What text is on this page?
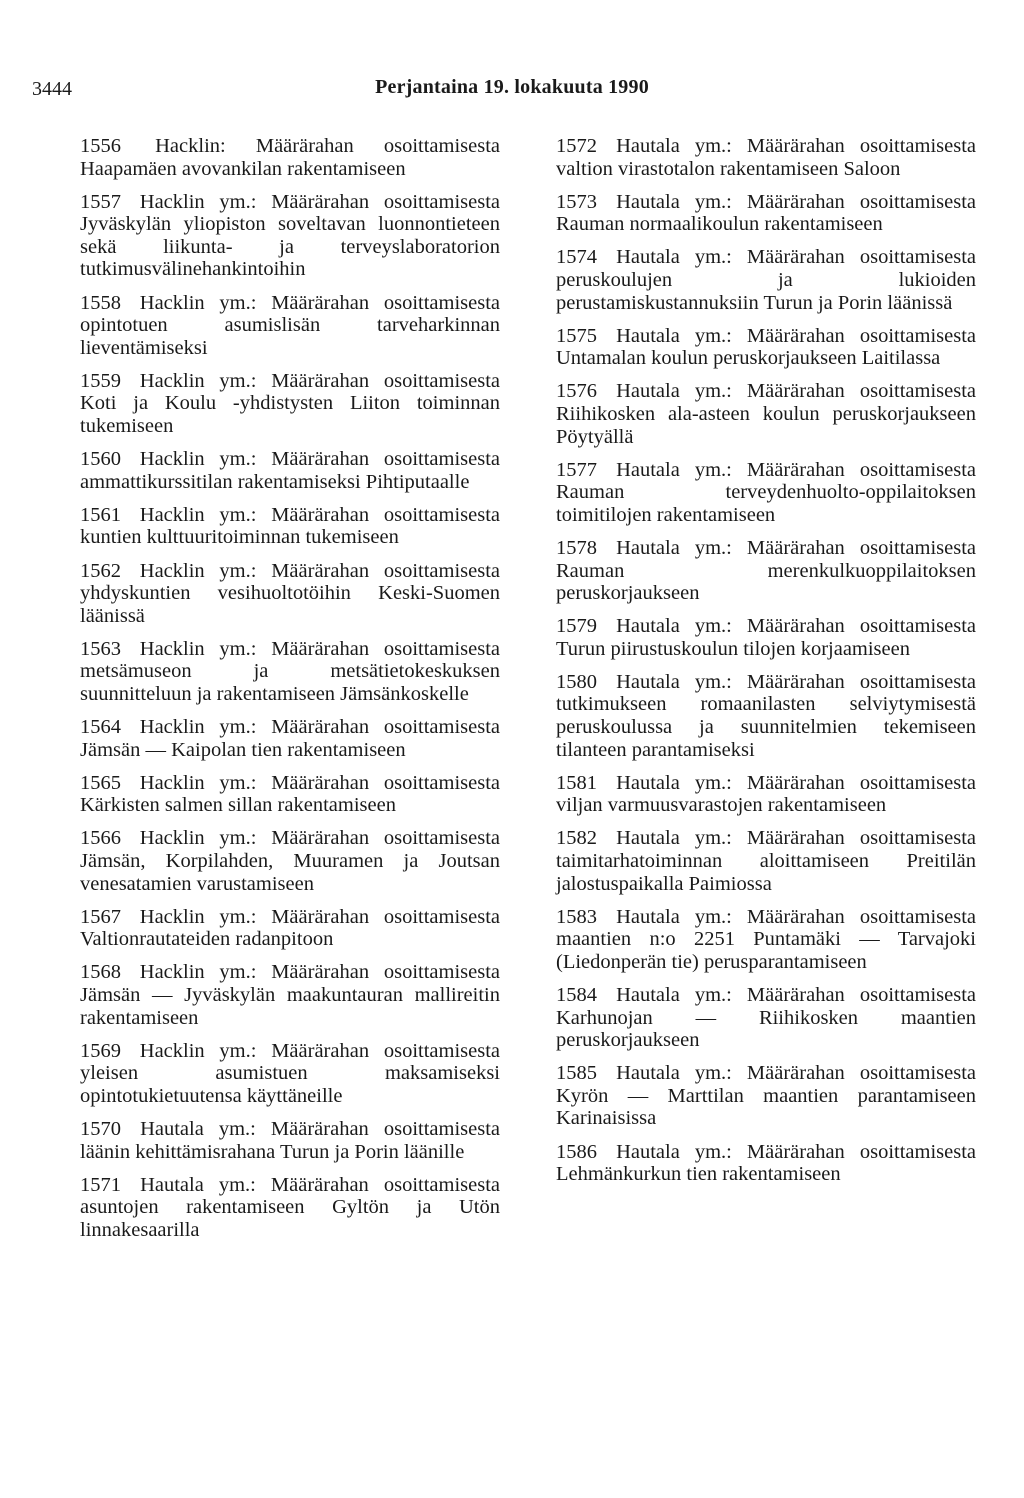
3444	Perjantaina 19. lokakuuta 1990

1556 Hacklin: Määrärahan osoittamisesta Haapamäen avovankilan rakentamiseen

1557 Hacklin ym.: Määrärahan osoittamisesta Jyväskylän yliopiston soveltavan luonnontieteen sekä liikunta- ja terveyslaboratorion tutkimusvälinehankintoihin

1558 Hacklin ym.: Määrärahan osoittamisesta opintotuen asumislisän tarveharkinnan lieventämiseksi

1559 Hacklin ym.: Määrärahan osoittamisesta Koti ja Koulu -yhdistysten Liiton toiminnan tukemiseen

1560 Hacklin ym.: Määrärahan osoittamisesta ammattikurssitilan rakentamiseksi Pihtiputaalle

1561 Hacklin ym.: Määrärahan osoittamisesta kuntien kulttuuritoiminnan tukemiseen

1562 Hacklin ym.: Määrärahan osoittamisesta yhdyskuntien vesihuoltotöihin Keski-Suomen läänissä

1563 Hacklin ym.: Määrärahan osoittamisesta metsämuseon ja metsätietokeskuksen suunnitteluun ja rakentamiseen Jämsänkoskelle

1564 Hacklin ym.: Määrärahan osoittamisesta Jämsän — Kaipolan tien rakentamiseen

1565 Hacklin ym.: Määrärahan osoittamisesta Kärkisten salmen sillan rakentamiseen

1566 Hacklin ym.: Määrärahan osoittamisesta Jämsän, Korpilahden, Muuramen ja Joutsan venesatamien varustamiseen

1567 Hacklin ym.: Määrärahan osoittamisesta Valtionrautateiden radanpitoon

1568 Hacklin ym.: Määrärahan osoittamisesta Jämsän — Jyväskylän maakuntauran mallireitin rakentamiseen

1569 Hacklin ym.: Määrärahan osoittamisesta yleisen asumistuen maksamiseksi opintotukietuutensa käyttäneille

1570 Hautala ym.: Määrärahan osoittamisesta läänin kehittämisrahana Turun ja Porin läänille

1571 Hautala ym.: Määrärahan osoittamisesta asuntojen rakentamiseen Gyltön ja Utön linnakesaarilla

1572 Hautala ym.: Määrärahan osoittamisesta valtion virastotalon rakentamiseen Saloon

1573 Hautala ym.: Määrärahan osoittamisesta Rauman normaalikoulun rakentamiseen

1574 Hautala ym.: Määrärahan osoittamisesta peruskoulujen ja lukioiden perustamiskustannuksiin Turun ja Porin läänissä

1575 Hautala ym.: Määrärahan osoittamisesta Untamalan koulun peruskorjaukseen Laitilassa

1576 Hautala ym.: Määrärahan osoittamisesta Riihikosken ala-asteen koulun peruskorjaukseen Pöytyällä

1577 Hautala ym.: Määrärahan osoittamisesta Rauman terveydenhuolto-oppilaitoksen toimitilojen rakentamiseen

1578 Hautala ym.: Määrärahan osoittamisesta Rauman merenkulkuoppilaitoksen peruskorjaukseen

1579 Hautala ym.: Määrärahan osoittamisesta Turun piirustuskoulun tilojen korjaamiseen

1580 Hautala ym.: Määrärahan osoittamisesta tutkimukseen romaanilasten selviytymisestä peruskoulussa ja suunnitelmien tekemiseen tilanteen parantamiseksi

1581 Hautala ym.: Määrärahan osoittamisesta viljan varmuusvarastojen rakentamiseen

1582 Hautala ym.: Määrärahan osoittamisesta taimitarhatoiminnan aloittamiseen Preitilän jalostuspaikalla Paimiossa

1583 Hautala ym.: Määrärahan osoittamisesta maantien n:o 2251 Puntamäki — Tarvajoki (Liedonperän tie) perusparantamiseen

1584 Hautala ym.: Määrärahan osoittamisesta Karhunojan — Riihikosken maantien peruskorjaukseen

1585 Hautala ym.: Määrärahan osoittamisesta Kyrön — Marttilan maantien parantamiseen Karinaisissa

1586 Hautala ym.: Määrärahan osoittamisesta Lehmänkurkun tien rakentamiseen
